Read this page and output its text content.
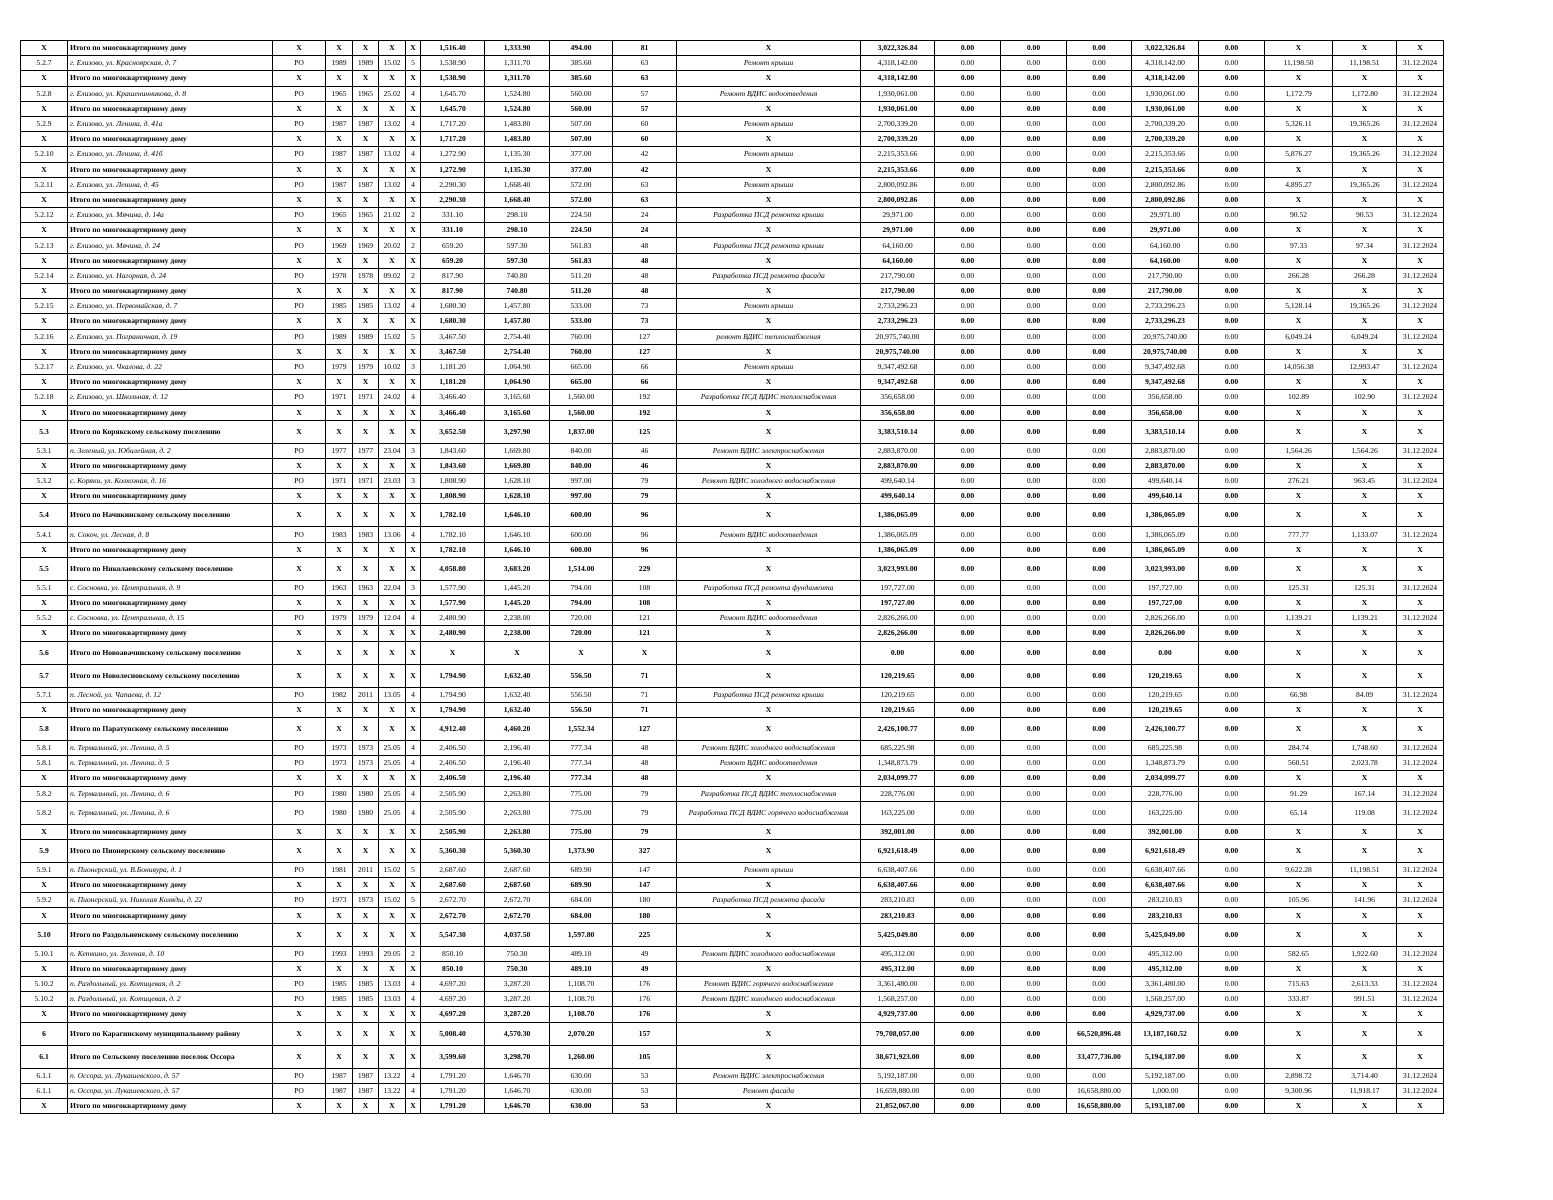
X	Итого по многоквартирному дому	X	X	X	X	X	1,516.40	1,333.90	494.00	81	X	3,022,326.84	0.00	0.00	0.00	3,022,326.84	0.00	X	X	X
5.2.7	г. Елизово, ул. Красноярская, д. 7	РО	1989	1989	15.02	5	1,538.90	1,311.70	385.60	63	Ремонт крыши	4,318,142.00	0.00	0.00	0.00	4,318,142.00	0.00	11,198.50	11,198.51	31.12.2024
X	Итого по многоквартирному дому	X	X	X	X	X	1,538.90	1,311.70	385.60	63	X	4,318,142.00	0.00	0.00	0.00	4,318,142.00	0.00	X	X	X
5.2.8	г. Елизово, ул. Крашенинникова, д. 8	РО	1965	1965	25.02	4	1,645.70	1,524.80	560.00	57	Ремонт ВДИС водоотведения	1,930,061.00	0.00	0.00	0.00	1,930,061.00	0.00	1,172.79	1,172.80	31.12.2024
X	Итого по многоквартирному дому	X	X	X	X	X	1,645.70	1,524.80	560.00	57	X	1,930,061.00	0.00	0.00	0.00	1,930,061.00	0.00	X	X	X
5.2.9	г. Елизово, ул. Ленина, д. 41а	РО	1987	1987	13.02	4	1,717.20	1,483.80	507.00	60	Ремонт крыши	2,700,339.20	0.00	0.00	0.00	2,700,339.20	0.00	5,326.11	19,365.26	31.12.2024
X	Итого по многоквартирному дому	X	X	X	X	X	1,717.20	1,483.80	507.00	60	X	2,700,339.20	0.00	0.00	0.00	2,700,339.20	0.00	X	X	X
5.2.10	г. Елизово, ул. Ленина, д. 41б	РО	1987	1987	13.02	4	1,272.90	1,135.30	377.00	42	Ремонт крыши	2,215,353.66	0.00	0.00	0.00	2,215,353.66	0.00	5,876.27	19,365.26	31.12.2024
X	Итого по многоквартирному дому	X	X	X	X	X	1,272.90	1,135.30	377.00	42	X	2,215,353.66	0.00	0.00	0.00	2,215,353.66	0.00	X	X	X
5.2.11	г. Елизово, ул. Ленина, д. 45	РО	1987	1987	13.02	4	2,290.30	1,668.40	572.00	63	Ремонт крыши	2,800,092.86	0.00	0.00	0.00	2,800,092.86	0.00	4,895.27	19,365.26	31.12.2024
X	Итого по многоквартирному дому	X	X	X	X	X	2,290.30	1,668.40	572.00	63	X	2,800,092.86	0.00	0.00	0.00	2,800,092.86	0.00	X	X	X
5.2.12	г. Елизово, ул. Мячина, д. 14а	РО	1965	1965	21.02	2	331.10	298.10	224.50	24	Разработка ПСД ремонта крыши	29,971.00	0.00	0.00	0.00	29,971.00	0.00	90.52	90.53	31.12.2024
X	Итого по многоквартирному дому	X	X	X	X	X	331.10	298.10	224.50	24	X	29,971.00	0.00	0.00	0.00	29,971.00	0.00	X	X	X
5.2.13	г. Елизово, ул. Мячина, д. 24	РО	1969	1969	20.02	2	659.20	597.30	561.83	48	Разработка ПСД ремонта крыши	64,160.00	0.00	0.00	0.00	64,160.00	0.00	97.33	97.34	31.12.2024
X	Итого по многоквартирному дому	X	X	X	X	X	659.20	597.30	561.83	48	X	64,160.00	0.00	0.00	0.00	64,160.00	0.00	X	X	X
5.2.14	г. Елизово, ул. Нагорная, д. 24	РО	1978	1978	09.02	2	817.90	740.80	511.20	48	Разработка ПСД ремонта фасада	217,790.00	0.00	0.00	0.00	217,790.00	0.00	266.28	266.28	31.12.2024
X	Итого по многоквартирному дому	X	X	X	X	X	817.90	740.80	511.20	48	X	217,790.00	0.00	0.00	0.00	217,790.00	0.00	X	X	X
5.2.15	г. Елизово, ул. Первомайская, д. 7	РО	1985	1985	13.02	4	1,680.30	1,457.80	533.00	73	Ремонт крыши	2,733,296.23	0.00	0.00	0.00	2,733,296.23	0.00	5,128.14	19,365.26	31.12.2024
X	Итого по многоквартирному дому	X	X	X	X	X	1,680.30	1,457.80	533.00	73	X	2,733,296.23	0.00	0.00	0.00	2,733,296.23	0.00	X	X	X
5.2.16	г. Елизово, ул. Пограничная, д. 19	РО	1989	1989	15.02	5	3,467.50	2,754.40	760.00	127	ремонт ВДИС теплоснабжения	20,975,740.00	0.00	0.00	0.00	20,975,740.00	0.00	6,049.24	6,049.24	31.12.2024
X	Итого по многоквартирному дому	X	X	X	X	X	3,467.50	2,754.40	760.00	127	X	20,975,740.00	0.00	0.00	0.00	20,975,740.00	0.00	X	X	X
5.2.17	г. Елизово, ул. Чкалова, д. 22	РО	1979	1979	10.02	3	1,181.20	1,064.90	665.00	66	Ремонт крыши	9,347,492.68	0.00	0.00	0.00	9,347,492.68	0.00	14,056.38	12,993.47	31.12.2024
X	Итого по многоквартирному дому	X	X	X	X	X	1,181.20	1,064.90	665.00	66	X	9,347,492.68	0.00	0.00	0.00	9,347,492.68	0.00	X	X	X
5.2.18	г. Елизово, ул. Школьная, д. 12	РО	1971	1971	24.02	4	3,466.40	3,165.60	1,560.00	192	Разработка ПСД ВДИС теплоснабжения	356,658.00	0.00	0.00	0.00	356,658.00	0.00	102.89	102.90	31.12.2024
X	Итого по многоквартирному дому	X	X	X	X	X	3,466.40	3,165.60	1,560.00	192	X	356,658.00	0.00	0.00	0.00	356,658.00	0.00	X	X	X
5.3	Итого по Корякскому сельскому поселению	X	X	X	X	X	3,652.50	3,297.90	1,837.00	125	X	3,383,510.14	0.00	0.00	0.00	3,383,510.14	0.00	X	X	X
5.3.1	п. Зеленый, ул. Юбилейная, д. 2	РО	1977	1977	23.04	3	1,843.60	1,669.80	840.00	46	Ремонт ВДИС электроснабжения	2,883,870.00	0.00	0.00	0.00	2,883,870.00	0.00	1,564.26	1,564.26	31.12.2024
X	Итого по многоквартирному дому	X	X	X	X	X	1,843.60	1,669.80	840.00	46	X	2,883,870.00	0.00	0.00	0.00	2,883,870.00	0.00	X	X	X
5.3.2	с. Коряки, ул. Колхозная, д. 16	РО	1971	1971	23.03	3	1,808.90	1,628.10	997.00	79	Ремонт ВДИС холодного водоснабжения	499,640.14	0.00	0.00	0.00	499,640.14	0.00	276.21	963.45	31.12.2024
X	Итого по многоквартирному дому	X	X	X	X	X	1,808.90	1,628.10	997.00	79	X	499,640.14	0.00	0.00	0.00	499,640.14	0.00	X	X	X
5.4	Итого по Начикинскому сельскому поселению	X	X	X	X	X	1,782.10	1,646.10	600.00	96	X	1,386,065.09	0.00	0.00	0.00	1,386,065.09	0.00	X	X	X
5.4.1	п. Сокоч, ул. Лесная, д. 8	РО	1983	1983	13.06	4	1,782.10	1,646.10	600.00	96	Ремонт ВДИС водоотведения	1,386,065.09	0.00	0.00	0.00	1,386,065.09	0.00	777.77	1,133.07	31.12.2024
X	Итого по многоквартирному дому	X	X	X	X	X	1,782.10	1,646.10	600.00	96	X	1,386,065.09	0.00	0.00	0.00	1,386,065.09	0.00	X	X	X
5.5	Итого по Николаевскому сельскому поселению	X	X	X	X	X	4,058.80	3,683.20	1,514.00	229	X	3,023,993.00	0.00	0.00	0.00	3,023,993.00	0.00	X	X	X
5.5.1	с. Сосновка, ул. Центральная, д. 9	РО	1963	1963	22.04	3	1,577.90	1,445.20	794.00	108	Разработка ПСД ремонта фундамента	197,727.00	0.00	0.00	0.00	197,727.00	0.00	125.31	125.31	31.12.2024
X	Итого по многоквартирному дому	X	X	X	X	X	1,577.90	1,445.20	794.00	108	X	197,727.00	0.00	0.00	0.00	197,727.00	0.00	X	X	X
5.5.2	с. Сосновка, ул. Центральная, д. 15	РО	1979	1979	12.04	4	2,480.90	2,238.00	720.00	121	Ремонт ВДИС водоотведения	2,826,266.00	0.00	0.00	0.00	2,826,266.00	0.00	1,139.21	1,139.21	31.12.2024
X	Итого по многоквартирному дому	X	X	X	X	X	2,480.90	2,238.00	720.00	121	X	2,826,266.00	0.00	0.00	0.00	2,826,266.00	0.00	X	X	X
5.6	Итого по Новоавачинскому сельскому поселению	X	X	X	X	X	X	X	X	X	X	0.00	0.00	0.00	0.00	0.00	0.00	X	X	X
5.7	Итого по Новолесновскому сельскому поселению	X	X	X	X	X	1,794.90	1,632.40	556.50	71	X	120,219.65	0.00	0.00	0.00	120,219.65	0.00	X	X	X
5.7.1	п. Лесной, ул. Чапаева, д. 12	РО	1982	2011	13.05	4	1,794.90	1,632.40	556.50	71	Разработка ПСД ремонта крыши	120,219.65	0.00	0.00	0.00	120,219.65	0.00	66.98	84.09	31.12.2024
X	Итого по многоквартирному дому	X	X	X	X	X	1,794.90	1,632.40	556.50	71	X	120,219.65	0.00	0.00	0.00	120,219.65	0.00	X	X	X
5.8	Итого по Паратунскому сельскому поселению	X	X	X	X	X	4,912.40	4,460.20	1,552.34	127	X	2,426,100.77	0.00	0.00	0.00	2,426,100.77	0.00	X	X	X
5.8.1	п. Термальный, ул. Ленина, д. 5	РО	1973	1973	25.05	4	2,406.50	2,196.40	777.34	48	Ремонт ВДИС холодного водоснабжения	685,225.98	0.00	0.00	0.00	685,225.98	0.00	284.74	1,748.60	31.12.2024
5.8.1	п. Термальный, ул. Ленина, д. 5	РО	1973	1973	25.05	4	2,406.50	2,196.40	777.34	48	Ремонт ВДИС водоотведения	1,348,873.79	0.00	0.00	0.00	1,348,873.79	0.00	560.51	2,023.78	31.12.2024
X	Итого по многоквартирному дому	X	X	X	X	X	2,406.50	2,196.40	777.34	48	X	2,034,099.77	0.00	0.00	0.00	2,034,099.77	0.00	X	X	X
5.8.2	п. Термальный, ул. Ленина, д. 6	РО	1980	1980	25.05	4	2,505.90	2,263.80	775.00	79	Разработка ПСД ВДИС теплоснабжения	228,776.00	0.00	0.00	0.00	228,776.00	0.00	91.29	167.14	31.12.2024
5.8.2	п. Термальный, ул. Ленина, д. 6	РО	1980	1980	25.05	4	2,505.90	2,263.80	775.00	79	Разработка ПСД ВДИС горячего водоснабжения	163,225.00	0.00	0.00	0.00	163,225.00	0.00	65.14	119.08	31.12.2024
X	Итого по многоквартирному дому	X	X	X	X	X	2,505.90	2,263.80	775.00	79	X	392,001.00	0.00	0.00	0.00	392,001.00	0.00	X	X	X
5.9	Итого по Пионерскому сельскому поселению	X	X	X	X	X	5,360.30	5,360.30	1,373.90	327	X	6,921,618.49	0.00	0.00	0.00	6,921,618.49	0.00	X	X	X
5.9.1	п. Пионерский, ул. В.Бонивура, д. 1	РО	1981	2011	15.02	5	2,687.60	2,687.60	689.90	147	Ремонт крыши	6,638,407.66	0.00	0.00	0.00	6,638,407.66	0.00	9,622.28	11,198.51	31.12.2024
X	Итого по многоквартирному дому	X	X	X	X	X	2,687.60	2,687.60	689.90	147	X	6,638,407.66	0.00	0.00	0.00	6,638,407.66	0.00	X	X	X
5.9.2	п. Пионерский, ул. Николая Коляды, д. 22	РО	1973	1973	15.02	5	2,672.70	2,672.70	684.00	180	Разработка ПСД ремонта фасада	283,210.83	0.00	0.00	0.00	283,210.83	0.00	105.96	141.96	31.12.2024
X	Итого по многоквартирному дому	X	X	X	X	X	2,672.70	2,672.70	684.00	180	X	283,210.83	0.00	0.00	0.00	283,210.83	0.00	X	X	X
5.10	Итого по Раздольненскому сельскому поселению	X	X	X	X	X	5,547.30	4,037.50	1,597.80	225	X	5,425,049.00	0.00	0.00	0.00	5,425,049.00	0.00	X	X	X
5.10.1	п. Кеткино, ул. Зеленая, д. 10	РО	1993	1993	29.05	2	850.10	750.30	489.10	49	Ремонт ВДИС холодного водоснабжения	495,312.00	0.00	0.00	0.00	495,312.00	0.00	582.65	1,922.60	31.12.2024
X	Итого по многоквартирному дому	X	X	X	X	X	850.10	750.30	489.10	49	X	495,312.00	0.00	0.00	0.00	495,312.00	0.00	X	X	X
5.10.2	п. Раздольный, ул. Котицевая, д. 2	РО	1985	1985	13.03	4	4,697.20	3,287.20	1,108.70	176	Ремонт ВДИС горячего водоснабжения	3,361,480.00	0.00	0.00	0.00	3,361,480.00	0.00	715.63	2,613.33	31.12.2024
5.10.2	п. Раздольный, ул. Котицевая, д. 2	РО	1985	1985	13.03	4	4,697.20	3,287.20	1,108.70	176	Ремонт ВДИС холодного водоснабжения	1,568,257.00	0.00	0.00	0.00	1,568,257.00	0.00	333.87	991.51	31.12.2024
X	Итого по многоквартирному дому	X	X	X	X	X	4,697.20	3,287.20	1,108.70	176	X	4,929,737.00	0.00	0.00	0.00	4,929,737.00	0.00	X	X	X
6	Итого по Карагинскому муниципальному району	X	X	X	X	X	5,008.40	4,570.30	2,070.20	157	X	79,708,057.00	0.00	0.00	66,520,896.48	13,187,160.52	0.00	X	X	X
6.1	Итого по Сельскому поселению поселок Оссора	X	X	X	X	X	3,599.60	3,298.70	1,260.00	105	X	38,671,923.00	0.00	0.00	33,477,736.00	5,194,187.00	0.00	X	X	X
6.1.1	п. Оссора, ул. Лукашевского, д. 57	РО	1987	1987	13.22	4	1,791.20	1,646.70	630.00	53	Ремонт ВДИС электроснабжения	5,192,187.00	0.00	0.00	0.00	5,192,187.00	0.00	2,898.72	3,714.40	31.12.2024
6.1.1	п. Оссора, ул. Лукашевского, д. 57	РО	1987	1987	13.22	4	1,791.20	1,646.70	630.00	53	Ремонт фасада	16,659,880.00	0.00	0.00	16,658,880.00	1,000.00	0.00	9,300.96	11,918.17	31.12.2024
X	Итого по многоквартирному дому	X	X	X	X	X	1,791.20	1,646.70	630.00	53	X	21,852,067.00	0.00	0.00	16,658,880.00	5,193,187.00	0.00	X	X	X
